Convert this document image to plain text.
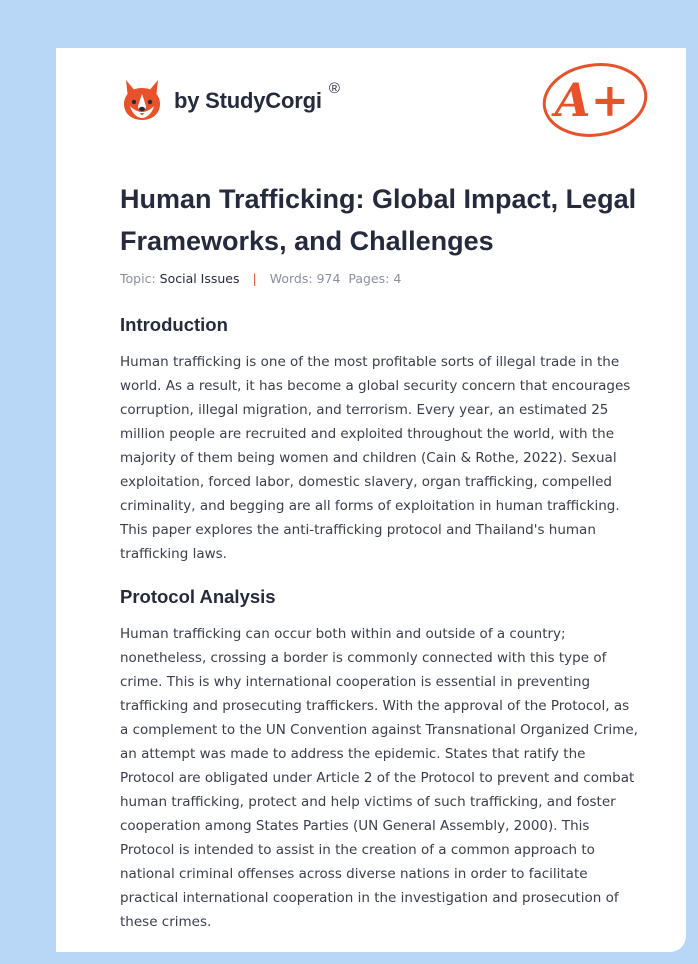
by StudyCorgi ®	A+
Human Trafficking: Global Impact, Legal Frameworks, and Challenges
Topic: Social Issues | Words: 974 Pages: 4
Introduction

Human trafficking is one of the most profitable sorts of illegal trade in the world. As a result, it has become a global security concern that encourages corruption, illegal migration, and terrorism. Every year, an estimated 25 million people are recruited and exploited throughout the world, with the majority of them being women and children (Cain & Rothe, 2022). Sexual exploitation, forced labor, domestic slavery, organ trafficking, compelled criminality, and begging are all forms of exploitation in human trafficking. This paper explores the anti-trafficking protocol and Thailand's human trafficking laws.

Protocol Analysis

Human trafficking can occur both within and outside of a country; nonetheless, crossing a border is commonly connected with this type of crime. This is why international cooperation is essential in preventing trafficking and prosecuting traffickers. With the approval of the Protocol, as a complement to the UN Convention against Transnational Organized Crime, an attempt was made to address the epidemic. States that ratify the Protocol are obligated under Article 2 of the Protocol to prevent and combat human trafficking, protect and help victims of such trafficking, and foster cooperation among States Parties (UN General Assembly, 2000). This Protocol is intended to assist in the creation of a common approach to national criminal offenses across diverse nations in order to facilitate practical international cooperation in the investigation and prosecution of these crimes.
